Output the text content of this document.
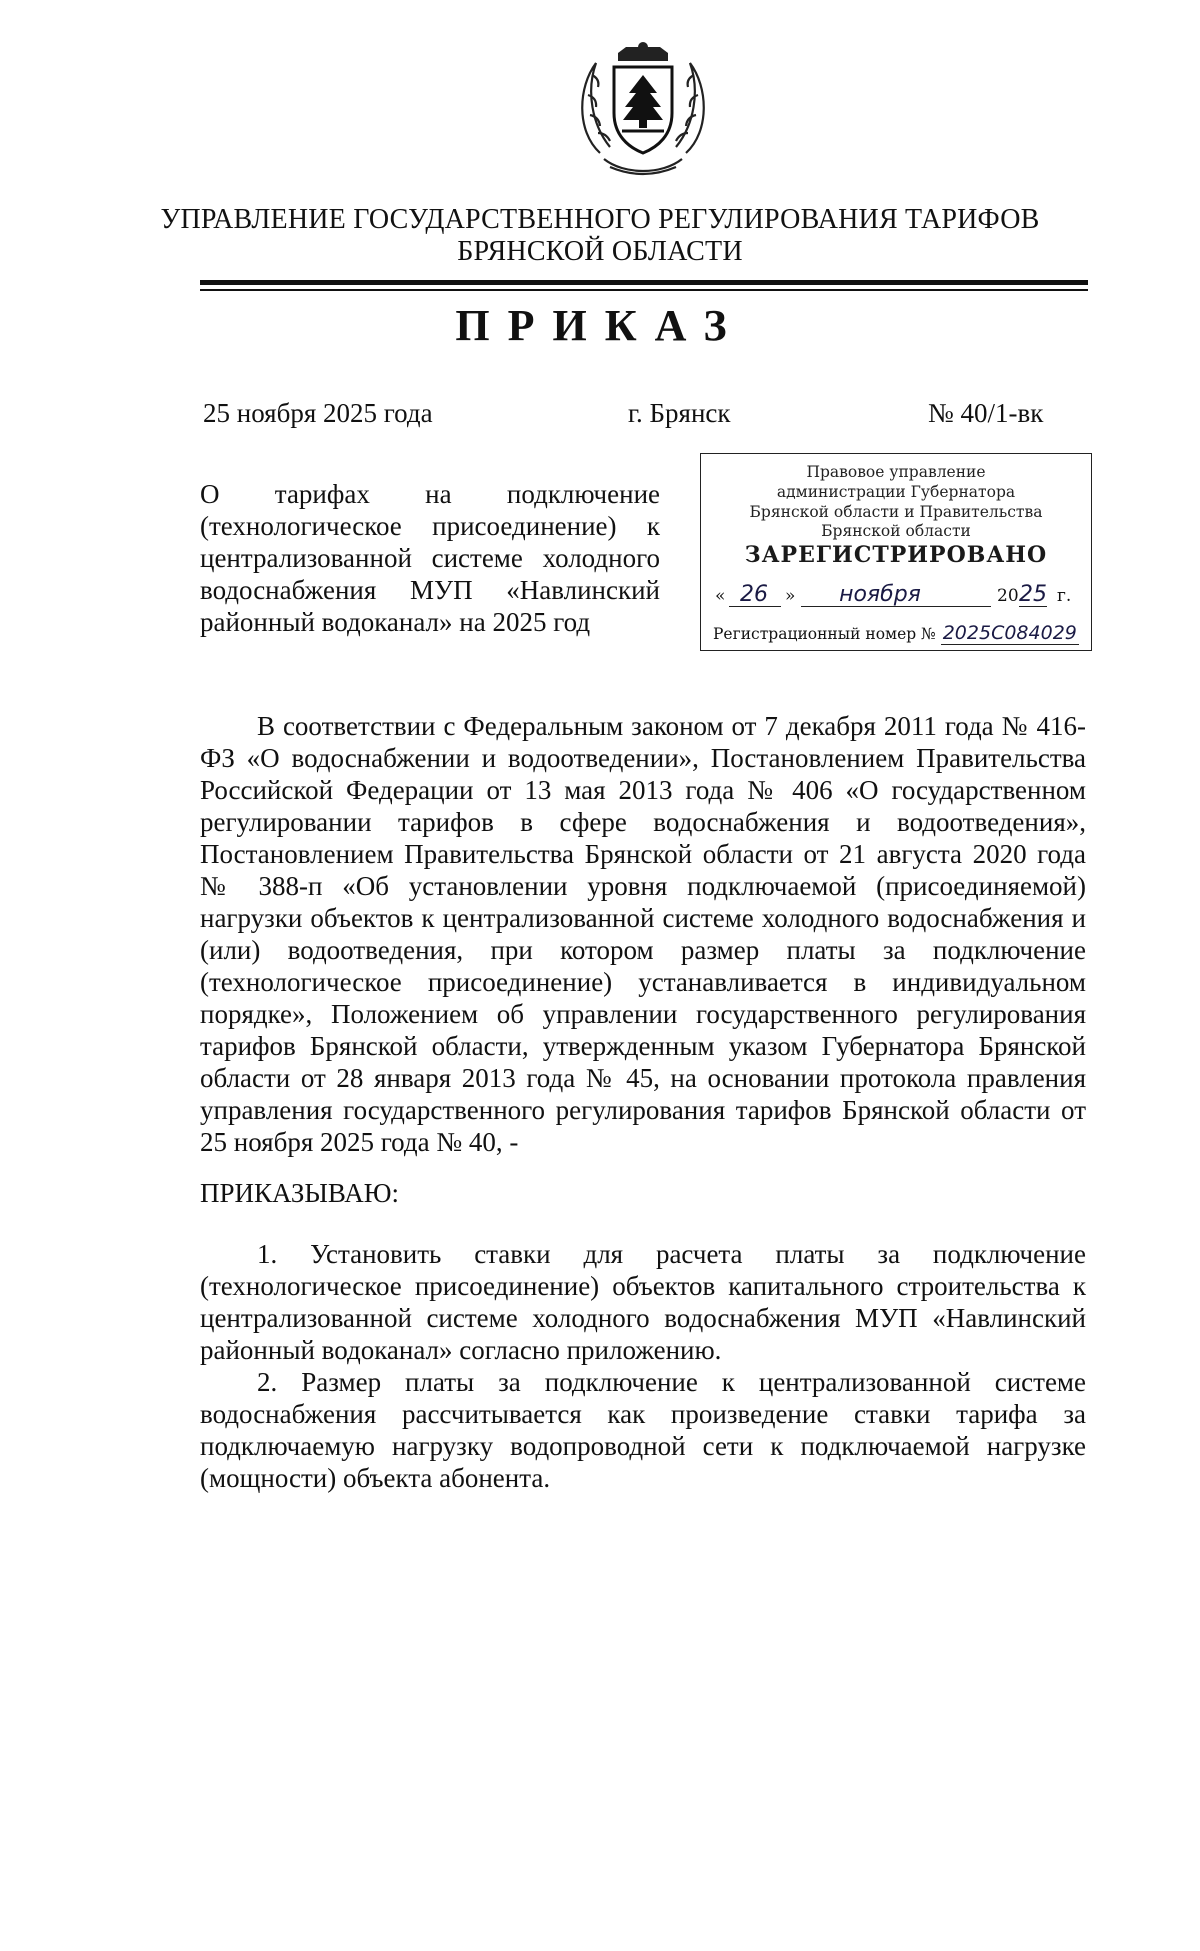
УПРАВЛЕНИЕ ГОСУДАРСТВЕННОГО РЕГУЛИРОВАНИЯ ТАРИФОВ
БРЯНСКОЙ ОБЛАСТИ
ПРИКАЗ
25 ноября 2025 года	г. Брянск	№ 40/1-вк
О тарифах на подключение (технологическое присоединение) к централизованной системе холодного водоснабжения МУП «Навлинский районный водоканал» на 2025 год
Правовое управление
администрации Губернатора
Брянской области и Правительства
Брянской области
ЗАРЕГИСТРИРОВАНО
« 26	»	ноября	20 25 г.
Регистрационный номер № 2025С084029
В соответствии с Федеральным законом от 7 декабря 2011 года № 416-ФЗ «О водоснабжении и водоотведении», Постановлением Правительства Российской Федерации от 13 мая 2013 года № 406 «О государственном регулировании тарифов в сфере водоснабжения и водоотведения», Постановлением Правительства Брянской области от 21 августа 2020 года № 388-п «Об установлении уровня подключаемой (присоединяемой) нагрузки объектов к централизованной системе холодного водоснабжения и (или) водоотведения, при котором размер платы за подключение (технологическое присоединение) устанавливается в индивидуальном порядке», Положением об управлении государственного регулирования тарифов Брянской области, утвержденным указом Губернатора Брянской области от 28 января 2013 года № 45, на основании протокола правления управления государственного регулирования тарифов Брянской области от 25 ноября 2025 года № 40, -
ПРИКАЗЫВАЮ:
1. Установить ставки для расчета платы за подключение (технологическое присоединение) объектов капитального строительства к централизованной системе холодного водоснабжения МУП «Навлинский районный водоканал» согласно приложению.
2. Размер платы за подключение к централизованной системе водоснабжения рассчитывается как произведение ставки тарифа за подключаемую нагрузку водопроводной сети к подключаемой нагрузке (мощности) объекта абонента.
